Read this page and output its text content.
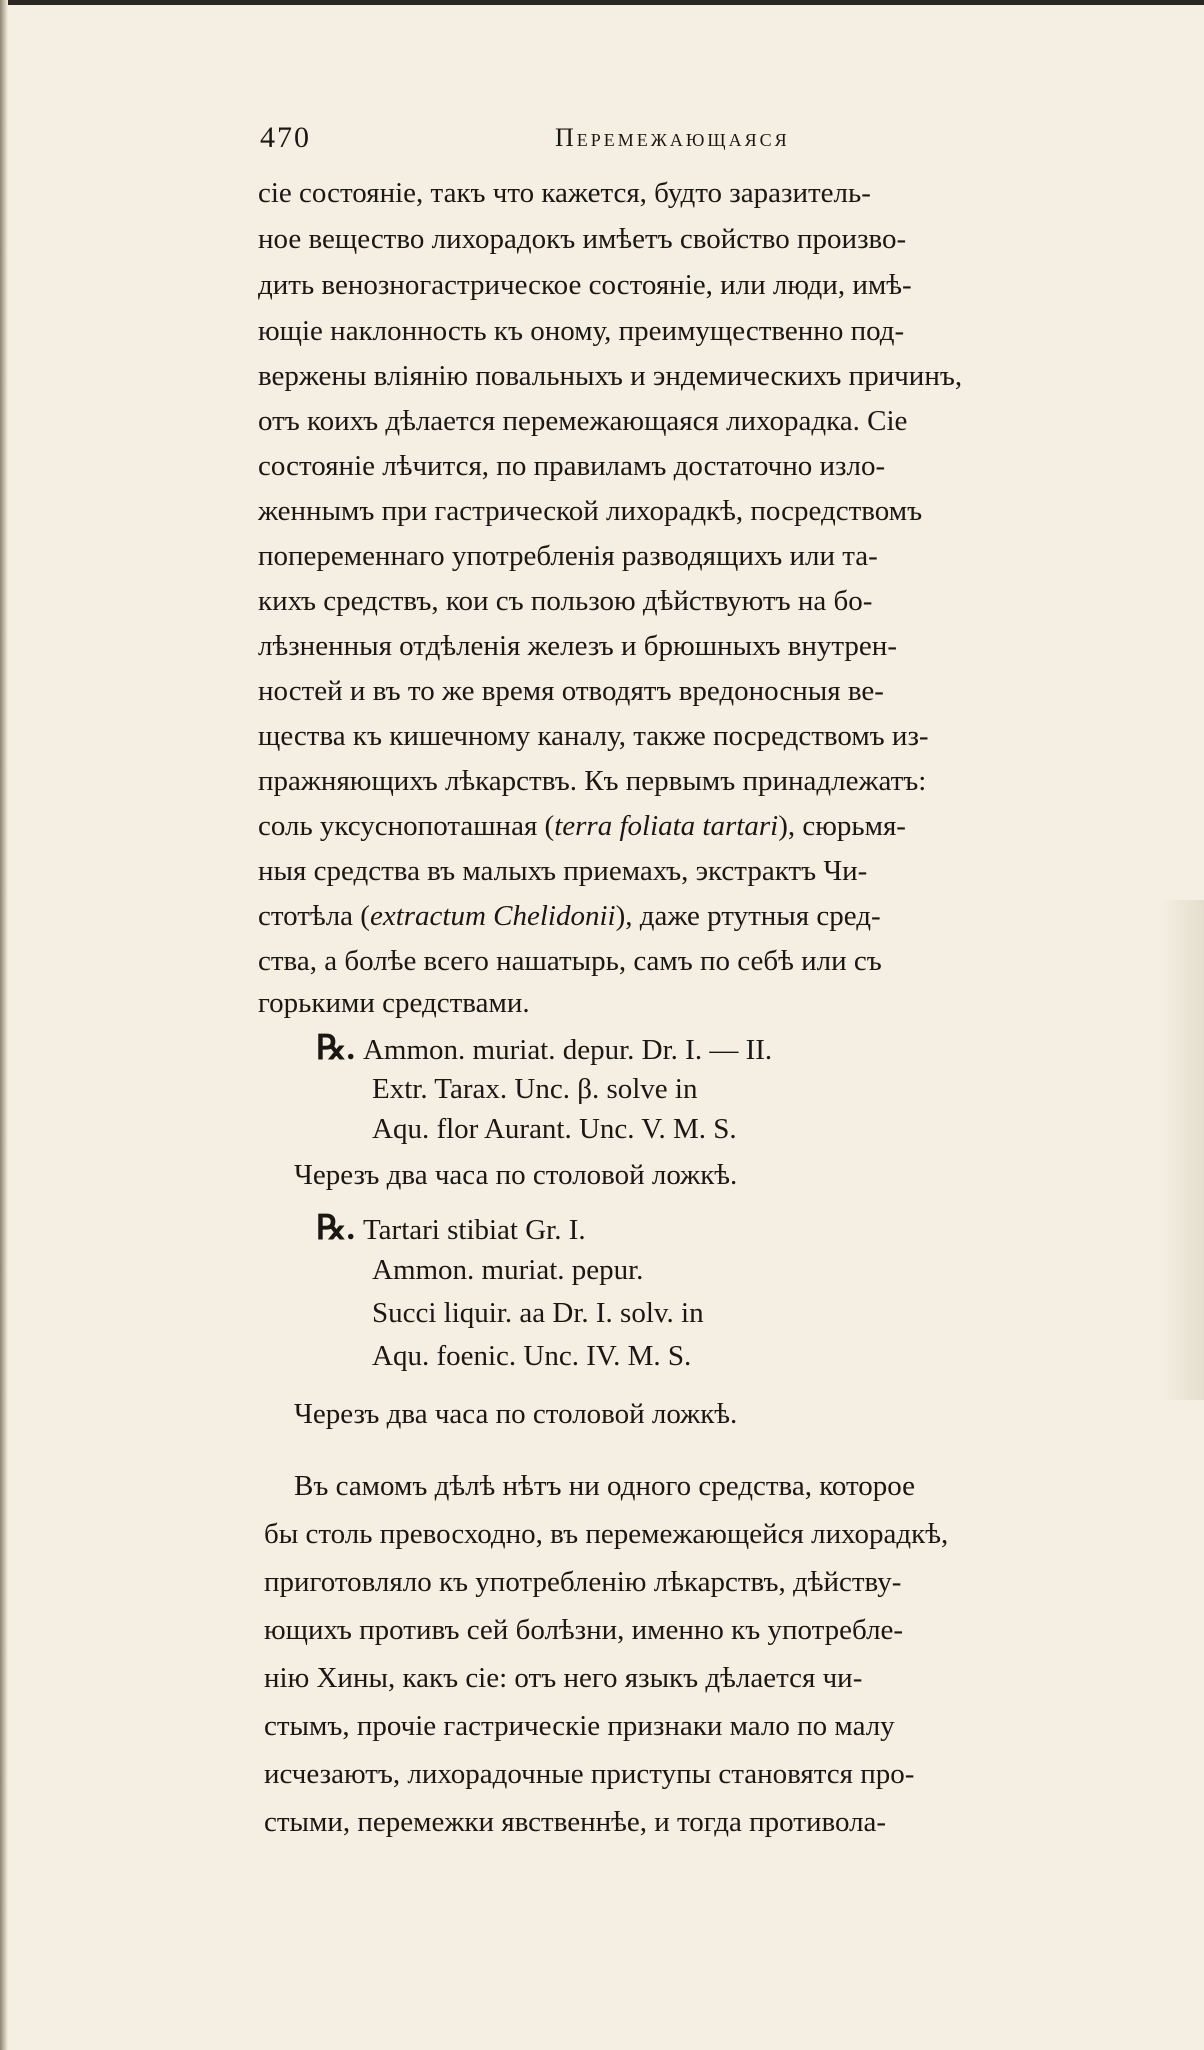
470	Перемежающаяся
сіе состояніе, такъ что кажется, будто заразитель-
ное вещество лихорадокъ имѣетъ свойство произво-
дить венозногастрическое состояніе, или люди, имѣ-
ющіе наклонность къ оному, преимущественно под-
вержены вліянію повальныхъ и эндемическихъ причинъ,
отъ коихъ дѣлается перемежающаяся лихорадка. Сіе
состояніе лѣчится, по правиламъ достаточно изло-
женнымъ при гастрической лихорадкѣ, посредствомъ
попеременнаго употребленія разводящихъ или та-
кихъ средствъ, кои съ пользою дѣйствуютъ на бо-
лѣзненныя отдѣленія железъ и брюшныхъ внутрен-
ностей и въ то же время отводятъ вредоносныя ве-
щества къ кишечному каналу, также посредствомъ из-
пражняющихъ лѣкарствъ. Къ первымъ принадлежатъ:
соль уксуснопоташная (terra foliata tartari), сюрьмя-
ныя средства въ малыхъ приемахъ, экстрактъ Чи-
стотѣла (extractum Chelidonii), даже ртутныя сред-
ства, а болѣе всего нашатырь, самъ по себѣ или съ
горькими средствами.
℞. Ammon. muriat. depur. Dr. I. — II.
Extr. Tarax. Unc. β. solve in
Aqu. flor Aurant. Unc. V. M. S.
Черезъ два часа по столовой ложкѣ.
℞. Tartari stibiat Gr. I.
Ammon. muriat. pepur.
Succi liquir. aa Dr. I. solv. in
Aqu. foenic. Unc. IV. M. S.
Черезъ два часа по столовой ложкѣ.
Въ самомъ дѣлѣ нѣтъ ни одного средства, которое
бы столь превосходно, въ перемежающейся лихорадкѣ,
приготовляло къ употребленію лѣкарствъ, дѣйству-
ющихъ противъ сей болѣзни, именно къ употребле-
нію Хины, какъ сіе: отъ него языкъ дѣлается чи-
стымъ, прочіе гастрическіе признаки мало по малу
исчезаютъ, лихорадочные приступы становятся про-
стыми, перемежки явственнѣе, и тогда противола-
